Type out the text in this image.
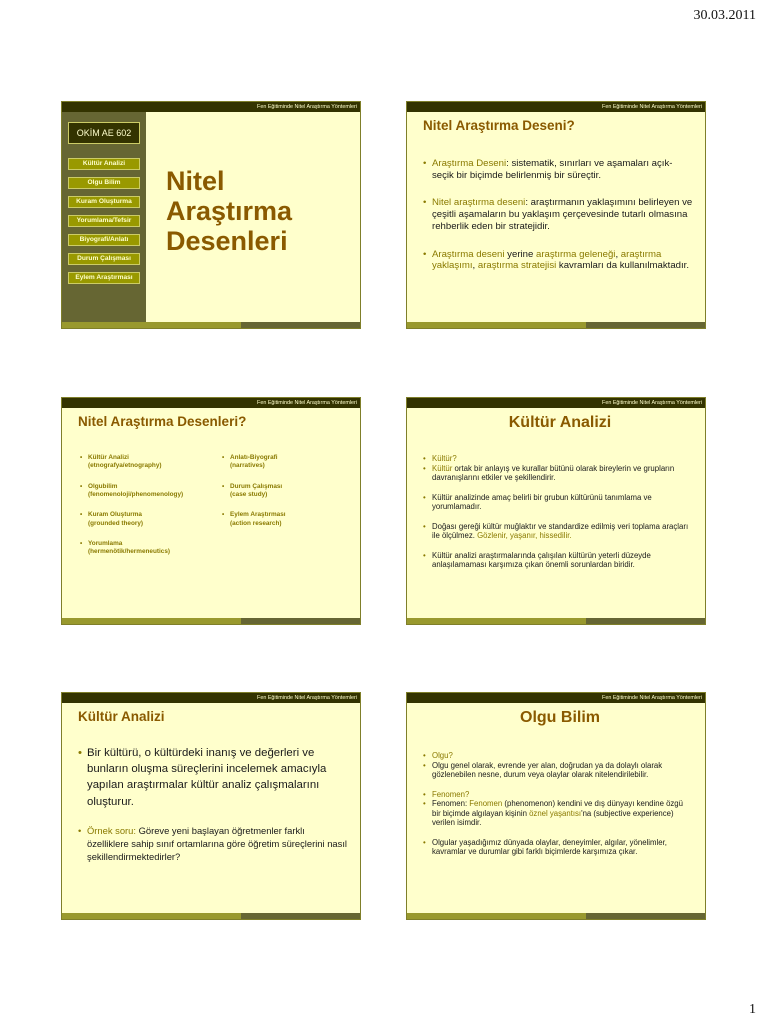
30.03.2011
Fen Eğitiminde Nitel Araştırma Yöntemleri
OKİM AE 602
Kültür Analizi
Olgu Bilim
Kuram Oluşturma
Yorumlama/Tefsir
Biyografi/Anlatı
Durum Çalışması
Eylem Araştırması
Nitel
Araştırma
Desenleri
Fen Eğitiminde Nitel Araştırma Yöntemleri
Nitel Araştırma Deseni?
• Araştırma Deseni: sistematik, sınırları ve aşamaları açık-seçik bir biçimde belirlenmiş bir süreçtir.
• Nitel araştırma deseni: araştırmanın yaklaşımını belirleyen ve çeşitli aşamaların bu yaklaşım çerçevesinde tutarlı olmasına rehberlik eden bir stratejidir.
• Araştırma deseni yerine araştırma geleneği, araştırma yaklaşımı, araştırma stratejisi kavramları da kullanılmaktadır.
Fen Eğitiminde Nitel Araştırma Yöntemleri
Nitel Araştırma Desenleri?
• Kültür Analizi
(etnografya/etnography)
• Olgubilim
(fenomenoloji/phenomenology)
• Kuram Oluşturma
(grounded theory)
• Yorumlama
(hermenötik/hermeneutics)
• Anlatı-Biyografi
(narratives)
• Durum Çalışması
(case study)
• Eylem Araştırması
(action research)
Fen Eğitiminde Nitel Araştırma Yöntemleri
Kültür Analizi
• Kültür?
• Kültür ortak bir anlayış ve kurallar bütünü olarak bireylerin ve grupların davranışlarını etkiler ve şekillendirir.
• Kültür analizinde amaç belirli bir grubun kültürünü tanımlama ve yorumlamadır.
• Doğası gereği kültür muğlaktır ve standardize edilmiş veri toplama araçları ile ölçülmez. Gözlenir, yaşanır, hissedilir.
• Kültür analizi araştırmalarında çalışılan kültürün yeterli düzeyde anlaşılamaması karşımıza çıkan önemli sorunlardan biridir.
Fen Eğitiminde Nitel Araştırma Yöntemleri
Kültür Analizi
• Bir kültürü, o kültürdeki inanış ve değerleri ve bunların oluşma süreçlerini incelemek amacıyla yapılan araştırmalar kültür analiz çalışmalarını oluşturur.
• Örnek soru: Göreve yeni başlayan öğretmenler farklı özelliklere sahip sınıf ortamlarına göre öğretim süreçlerini nasıl şekillendirmektedirler?
Fen Eğitiminde Nitel Araştırma Yöntemleri
Olgu Bilim
• Olgu?
• Olgu genel olarak, evrende yer alan, doğrudan ya da dolaylı olarak gözlenebilen nesne, durum veya olaylar olarak nitelendirilebilir.
• Fenomen?
• Fenomen: Fenomen (phenomenon) kendini ve dış dünyayı kendine özgü bir biçimde algılayan kişinin öznel yaşantısı'na (subjective experience) verilen isimdir.
• Olgular yaşadığımız dünyada olaylar, deneyimler, algılar, yönelimler, kavramlar ve durumlar gibi farklı biçimlerde karşımıza çıkar.
1
